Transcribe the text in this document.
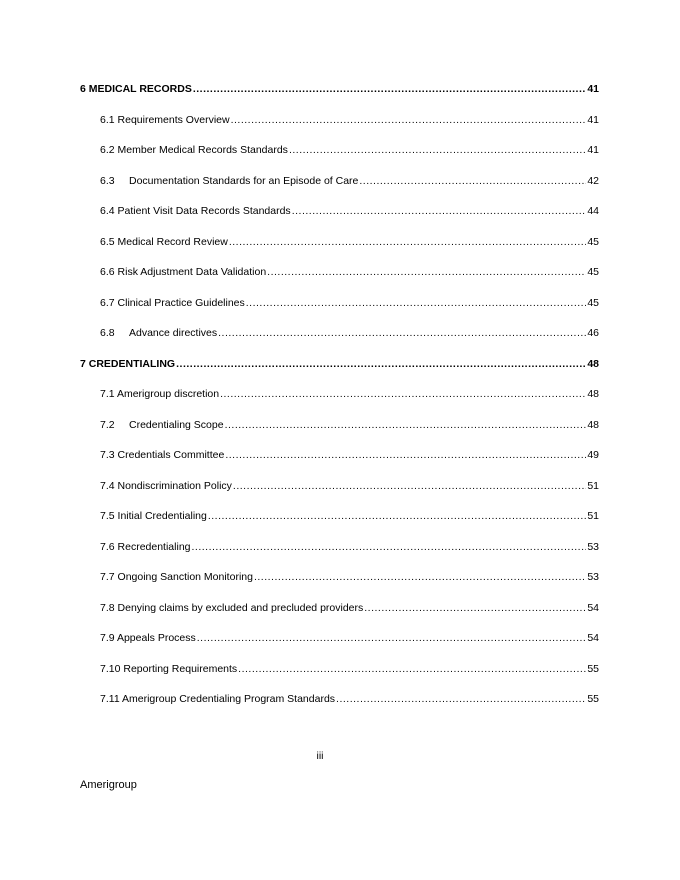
6 MEDICAL RECORDS .....	41
6.1 Requirements Overview .....	41
6.2 Member Medical Records Standards .....	41
6.3 Documentation Standards for an Episode of Care .....	42
6.4 Patient Visit Data Records Standards .....	44
6.5 Medical Record Review .....	45
6.6 Risk Adjustment Data Validation .....	45
6.7 Clinical Practice Guidelines .....	45
6.8 Advance directives .....	46
7 CREDENTIALING .....	48
7.1 Amerigroup discretion .....	48
7.2 Credentialing Scope .....	48
7.3 Credentials Committee .....	49
7.4 Nondiscrimination Policy .....	51
7.5 Initial Credentialing .....	51
7.6 Recredentialing .....	53
7.7 Ongoing Sanction Monitoring .....	53
7.8 Denying claims by excluded and precluded providers .....	54
7.9 Appeals Process .....	54
7.10 Reporting Requirements .....	55
7.11 Amerigroup Credentialing Program Standards .....	55
iii
Amerigroup
